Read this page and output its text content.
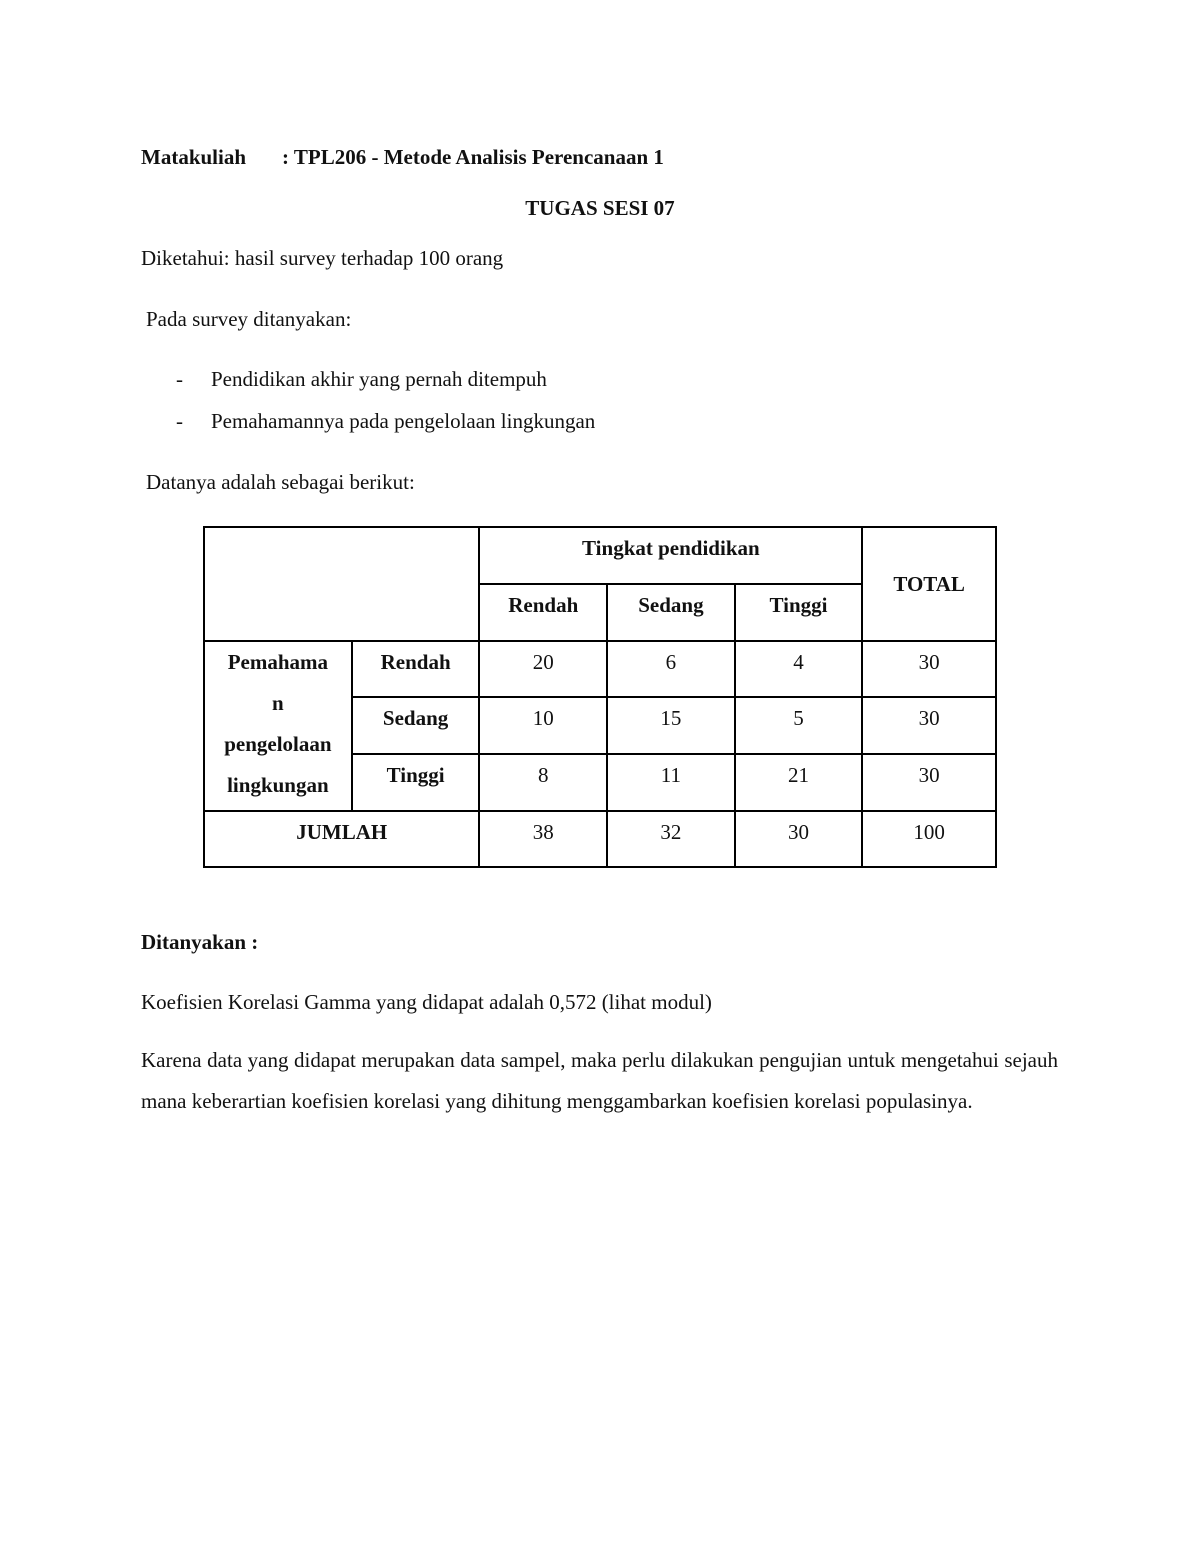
Matakuliah : TPL206 - Metode Analisis Perencanaan 1
TUGAS SESI 07
Diketahui: hasil survey terhadap 100 orang
Pada survey ditanyakan:
- Pendidikan akhir yang pernah ditempuh
- Pemahamannya pada pengelolaan lingkungan
Datanya adalah sebagai berikut:
		Tingkat pendidikan			TOTAL
		Rendah	Sedang	Tinggi	

Pemahama
n
pengelolaan
lingkungan	Rendah	20	6	4	30
	Sedang	10	15	5	30
	Tinggi	8	11	21	30
JUMLAH		38	32	30	100
Ditanyakan :
Koefisien Korelasi Gamma yang didapat adalah 0,572 (lihat modul)
Karena data yang didapat merupakan data sampel, maka perlu dilakukan pengujian untuk mengetahui sejauh mana keberartian koefisien korelasi yang dihitung menggambarkan koefisien korelasi populasinya.
